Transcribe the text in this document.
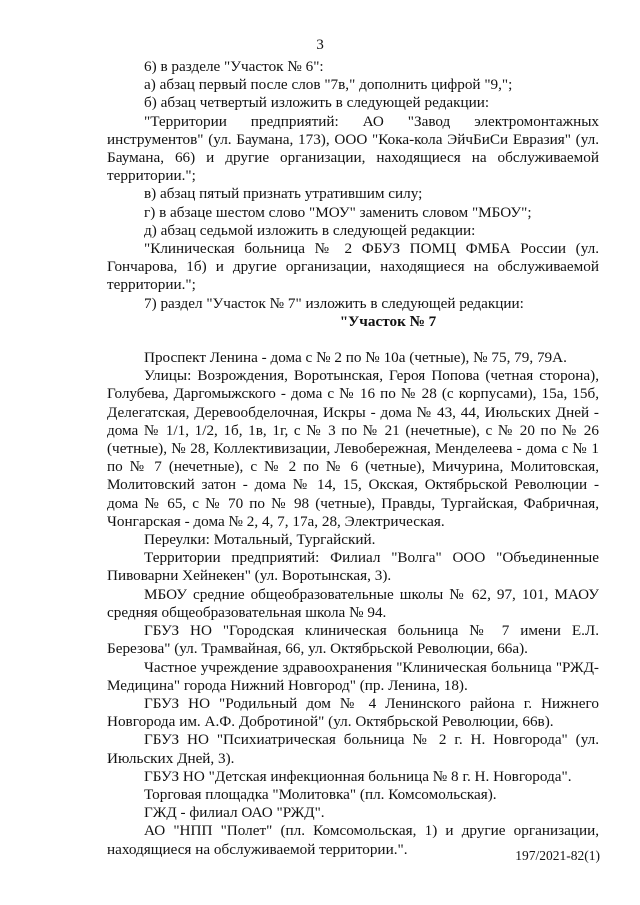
3

6) в разделе "Участок № 6":

а) абзац первый после слов "7в," дополнить цифрой "9,";

б) абзац четвертый изложить в следующей редакции:

"Территории предприятий: АО "Завод электромонтажных инструментов" (ул. Баумана, 173), ООО "Кока-кола ЭйчБиСи Евразия" (ул. Баумана, 66) и другие организации, находящиеся на обслуживаемой территории.";

в) абзац пятый признать утратившим силу;

г) в абзаце шестом слово "МОУ" заменить словом "МБОУ";

д) абзац седьмой изложить в следующей редакции:

"Клиническая больница № 2 ФБУЗ ПОМЦ ФМБА России (ул. Гончарова, 1б) и другие организации, находящиеся на обслуживаемой территории.";

7) раздел "Участок № 7" изложить в следующей редакции:

"Участок № 7

Проспект Ленина - дома с № 2 по № 10а (четные), № 75, 79, 79А.

Улицы: Возрождения, Воротынская, Героя Попова (четная сторона), Голубева, Даргомыжского - дома с № 16 по № 28 (с корпусами), 15а, 15б, Делегатская, Деревообделочная, Искры - дома № 43, 44, Июльских Дней - дома № 1/1, 1/2, 1б, 1в, 1г, с № 3 по № 21 (нечетные), с № 20 по № 26 (четные), № 28, Коллективизации, Левобережная, Менделеева - дома с № 1 по № 7 (нечетные), с № 2 по № 6 (четные), Мичурина, Молитовская, Молитовский затон - дома № 14, 15, Окская, Октябрьской Революции - дома № 65, с № 70 по № 98 (четные), Правды, Тургайская, Фабричная, Чонгарская - дома № 2, 4, 7, 17а, 28, Электрическая.

Переулки: Мотальный, Тургайский.

Территории предприятий: Филиал "Волга" ООО "Объединенные Пивоварни Хейнекен" (ул. Воротынская, 3).

МБОУ средние общеобразовательные школы № 62, 97, 101, МАОУ средняя общеобразовательная школа № 94.

ГБУЗ НО "Городская клиническая больница № 7 имени Е.Л. Березова" (ул. Трамвайная, 66, ул. Октябрьской Революции, 66а).

Частное учреждение здравоохранения "Клиническая больница "РЖД-Медицина" города Нижний Новгород" (пр. Ленина, 18).

ГБУЗ НО "Родильный дом № 4 Ленинского района г. Нижнего Новгорода им. А.Ф. Добротиной" (ул. Октябрьской Революции, 66в).

ГБУЗ НО "Психиатрическая больница № 2 г. Н. Новгорода" (ул. Июльских Дней, 3).

ГБУЗ НО "Детская инфекционная больница № 8 г. Н. Новгорода".

Торговая площадка "Молитовка" (пл. Комсомольская).

ГЖД - филиал ОАО "РЖД".

АО "НПП "Полет" (пл. Комсомольская, 1) и другие организации, находящиеся на обслуживаемой территории.".	197/2021-82(1)
